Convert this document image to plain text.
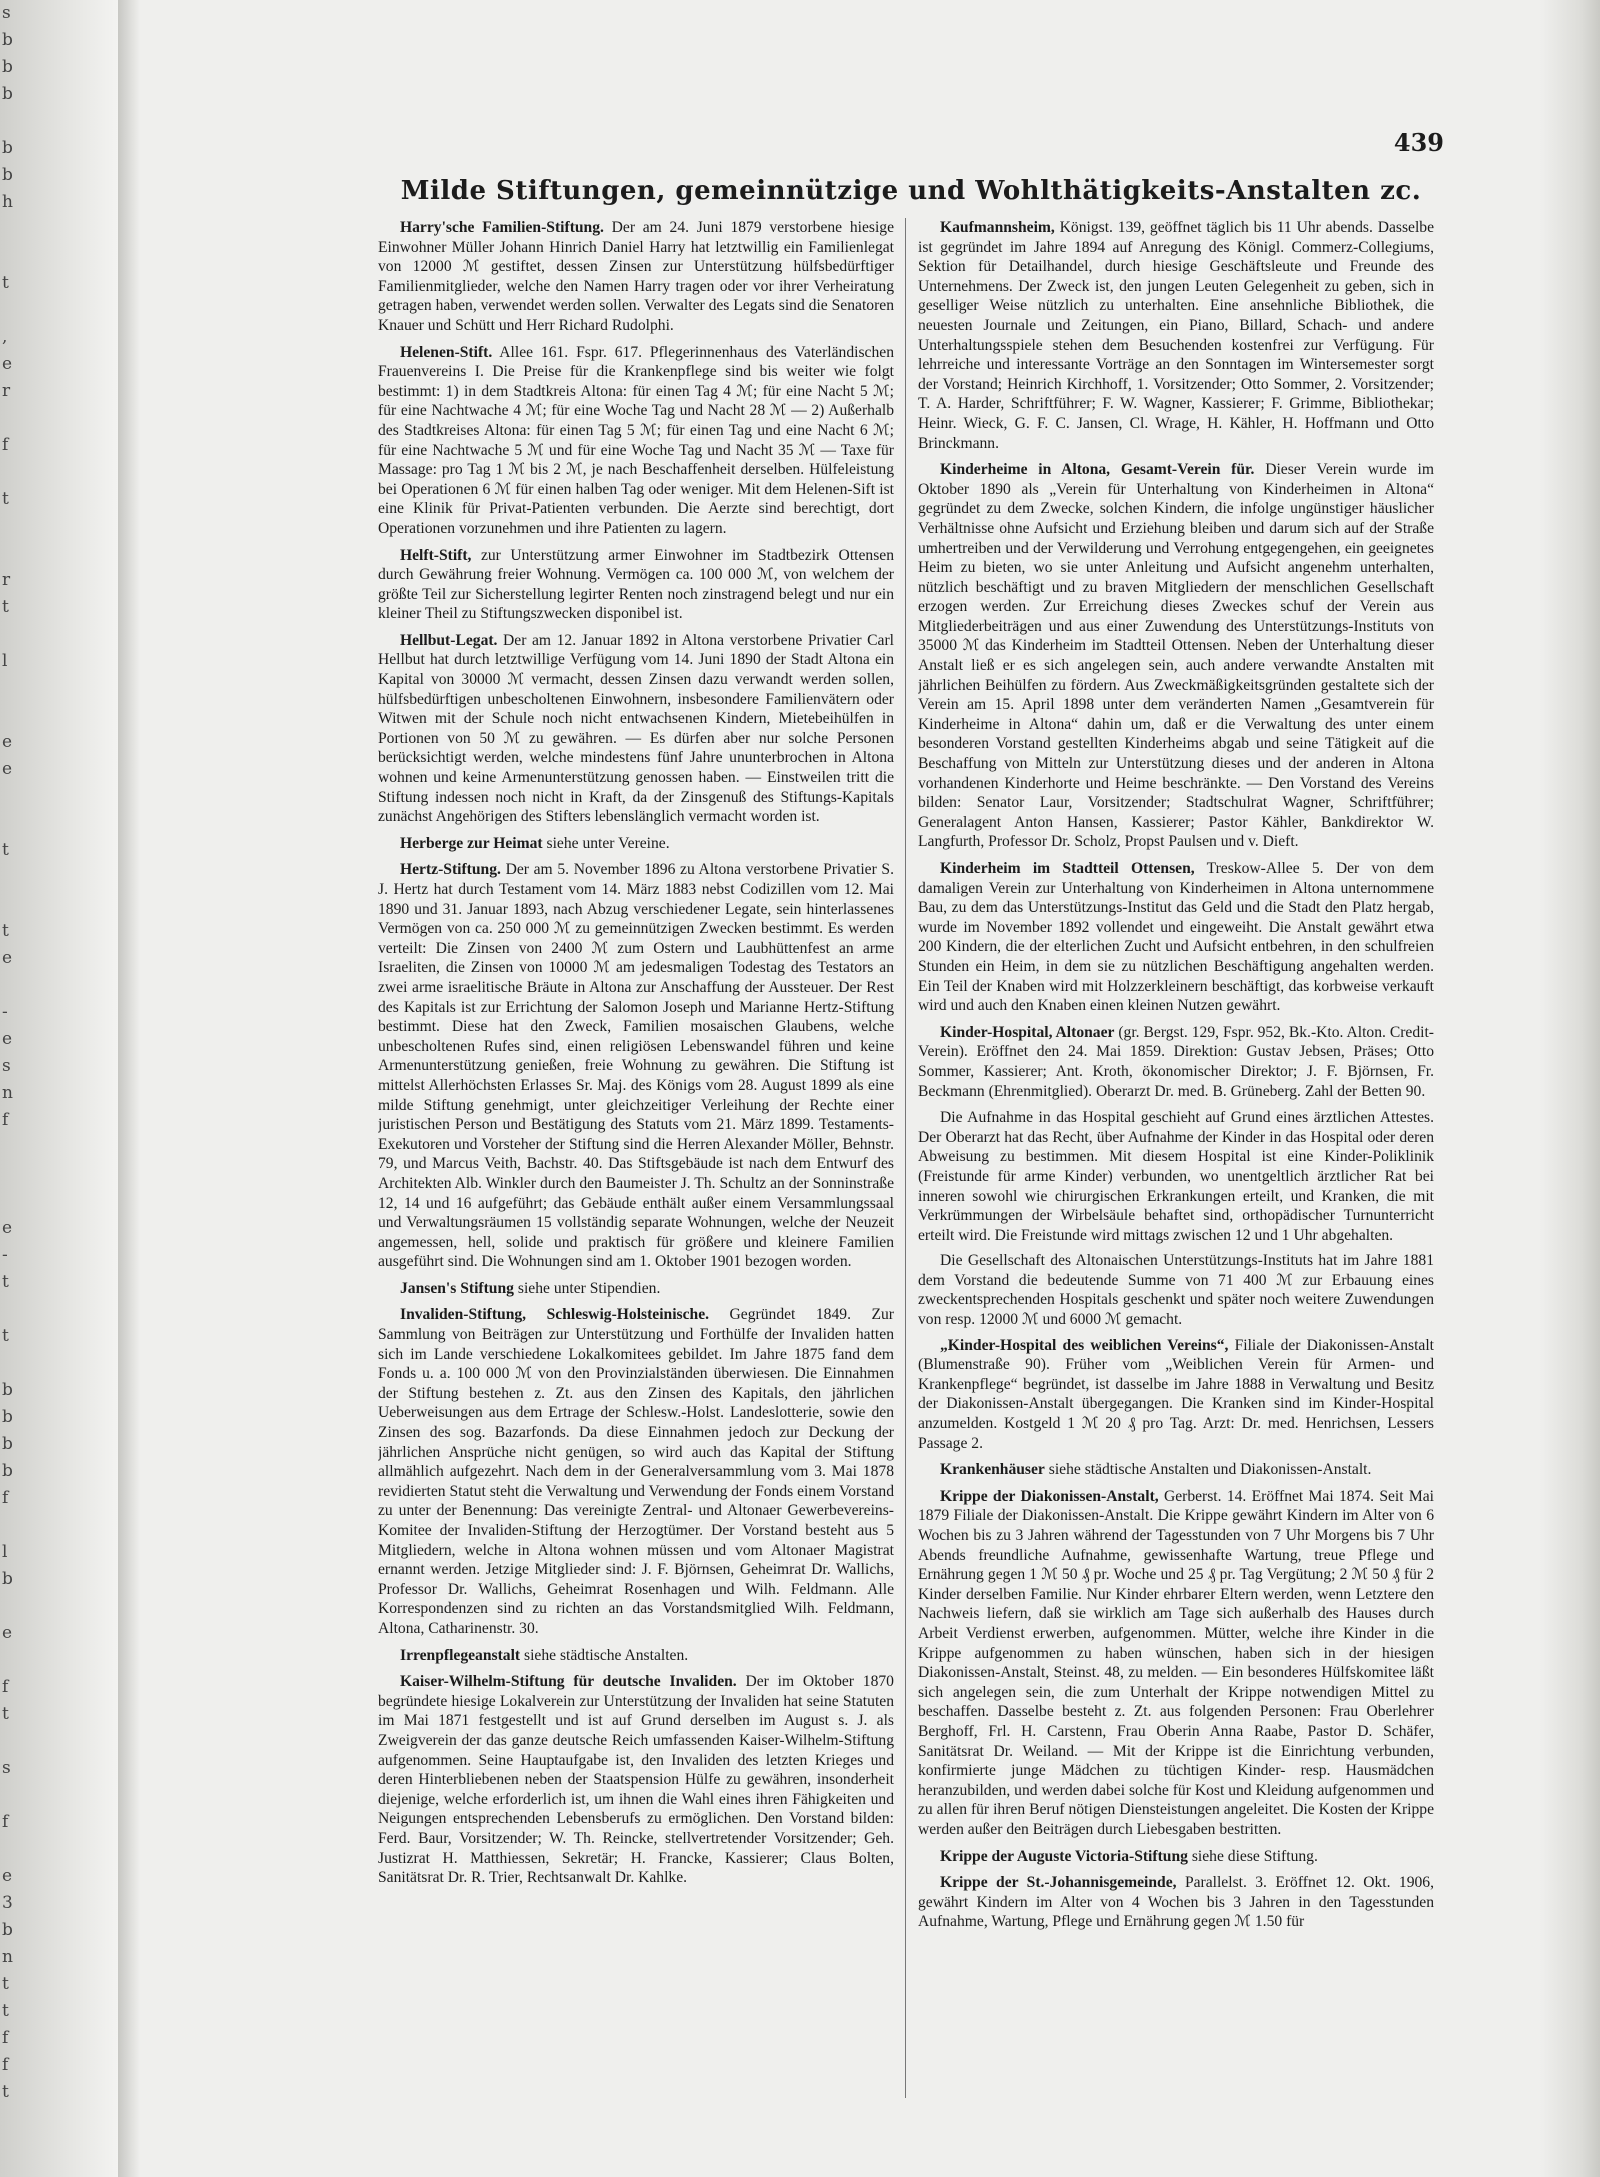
s
b
b
b

b
b
h

t

,
e
r

f

t

r
t

l

e
e

t

t
e

-
e
s
n
f

e
-
t

t

b
b
b
b
f

l
b

e

f
t

s

f

e
3
b
n
t
t
f
f
t
439
Milde Stiftungen, gemeinnützige und Wohlthätigkeits-Anstalten zc.

Harry'sche Familien-Stiftung. Der am 24. Juni 1879 verstorbene hiesige Einwohner Müller Johann Hinrich Daniel Harry hat letztwillig ein Familienlegat von 12000 ℳ gestiftet, dessen Zinsen zur Unterstützung hülfsbedürftiger Familienmitglieder, welche den Namen Harry tragen oder vor ihrer Verheiratung getragen haben, verwendet werden sollen. Verwalter des Legats sind die Senatoren Knauer und Schütt und Herr Richard Rudolphi.

Helenen-Stift. Allee 161. Fspr. 617. Pflegerinnenhaus des Vaterländischen Frauenvereins I. Die Preise für die Krankenpflege sind bis weiter wie folgt bestimmt: 1) in dem Stadtkreis Altona: für einen Tag 4 ℳ; für eine Nacht 5 ℳ; für eine Nachtwache 4 ℳ; für eine Woche Tag und Nacht 28 ℳ — 2) Außerhalb des Stadtkreises Altona: für einen Tag 5 ℳ; für einen Tag und eine Nacht 6 ℳ; für eine Nachtwache 5 ℳ und für eine Woche Tag und Nacht 35 ℳ — Taxe für Massage: pro Tag 1 ℳ bis 2 ℳ, je nach Beschaffenheit derselben. Hülfeleistung bei Operationen 6 ℳ für einen halben Tag oder weniger. Mit dem Helenen-Sift ist eine Klinik für Privat-Patienten verbunden. Die Aerzte sind berechtigt, dort Operationen vorzunehmen und ihre Patienten zu lagern.

Helft-Stift, zur Unterstützung armer Einwohner im Stadtbezirk Ottensen durch Gewährung freier Wohnung. Vermögen ca. 100 000 ℳ, von welchem der größte Teil zur Sicherstellung legirter Renten noch zinstragend belegt und nur ein kleiner Theil zu Stiftungszwecken disponibel ist.

Hellbut-Legat. Der am 12. Januar 1892 in Altona verstorbene Privatier Carl Hellbut hat durch letztwillige Verfügung vom 14. Juni 1890 der Stadt Altona ein Kapital von 30000 ℳ vermacht, dessen Zinsen dazu verwandt werden sollen, hülfsbedürftigen unbescholtenen Einwohnern, insbesondere Familienvätern oder Witwen mit der Schule noch nicht entwachsenen Kindern, Mietebeihülfen in Portionen von 50 ℳ zu gewähren. — Es dürfen aber nur solche Personen berücksichtigt werden, welche mindestens fünf Jahre ununterbrochen in Altona wohnen und keine Armenunterstützung genossen haben. — Einstweilen tritt die Stiftung indessen noch nicht in Kraft, da der Zinsgenuß des Stiftungs-Kapitals zunächst Angehörigen des Stifters lebenslänglich vermacht worden ist.

Herberge zur Heimat siehe unter Vereine.

Hertz-Stiftung. Der am 5. November 1896 zu Altona verstorbene Privatier S. J. Hertz hat durch Testament vom 14. März 1883 nebst Codizillen vom 12. Mai 1890 und 31. Januar 1893, nach Abzug verschiedener Legate, sein hinterlassenes Vermögen von ca. 250 000 ℳ zu gemeinnützigen Zwecken bestimmt. Es werden verteilt: Die Zinsen von 2400 ℳ zum Ostern und Laubhüttenfest an arme Israeliten, die Zinsen von 10000 ℳ am jedesmaligen Todestag des Testators an zwei arme israelitische Bräute in Altona zur Anschaffung der Aussteuer. Der Rest des Kapitals ist zur Errichtung der Salomon Joseph und Marianne Hertz-Stiftung bestimmt. Diese hat den Zweck, Familien mosaischen Glaubens, welche unbescholtenen Rufes sind, einen religiösen Lebenswandel führen und keine Armenunterstützung genießen, freie Wohnung zu gewähren. Die Stiftung ist mittelst Allerhöchsten Erlasses Sr. Maj. des Königs vom 28. August 1899 als eine milde Stiftung genehmigt, unter gleichzeitiger Verleihung der Rechte einer juristischen Person und Bestätigung des Statuts vom 21. März 1899. Testaments-Exekutoren und Vorsteher der Stiftung sind die Herren Alexander Möller, Behnstr. 79, und Marcus Veith, Bachstr. 40. Das Stiftsgebäude ist nach dem Entwurf des Architekten Alb. Winkler durch den Baumeister J. Th. Schultz an der Sonninstraße 12, 14 und 16 aufgeführt; das Gebäude enthält außer einem Versammlungssaal und Verwaltungsräumen 15 vollständig separate Wohnungen, welche der Neuzeit angemessen, hell, solide und praktisch für größere und kleinere Familien ausgeführt sind. Die Wohnungen sind am 1. Oktober 1901 bezogen worden.

Jansen's Stiftung siehe unter Stipendien.

Invaliden-Stiftung, Schleswig-Holsteinische. Gegründet 1849. Zur Sammlung von Beiträgen zur Unterstützung und Forthülfe der Invaliden hatten sich im Lande verschiedene Lokalkomitees gebildet. Im Jahre 1875 fand dem Fonds u. a. 100 000 ℳ von den Provinzialständen überwiesen. Die Einnahmen der Stiftung bestehen z. Zt. aus den Zinsen des Kapitals, den jährlichen Ueberweisungen aus dem Ertrage der Schlesw.-Holst. Landeslotterie, sowie den Zinsen des sog. Bazarfonds. Da diese Einnahmen jedoch zur Deckung der jährlichen Ansprüche nicht genügen, so wird auch das Kapital der Stiftung allmählich aufgezehrt. Nach dem in der Generalversammlung vom 3. Mai 1878 revidierten Statut steht die Verwaltung und Verwendung der Fonds einem Vorstand zu unter der Benennung: Das vereinigte Zentral- und Altonaer Gewerbevereins-Komitee der Invaliden-Stiftung der Herzogtümer. Der Vorstand besteht aus 5 Mitgliedern, welche in Altona wohnen müssen und vom Altonaer Magistrat ernannt werden. Jetzige Mitglieder sind: J. F. Björnsen, Geheimrat Dr. Wallichs, Professor Dr. Wallichs, Geheimrat Rosenhagen und Wilh. Feldmann. Alle Korrespondenzen sind zu richten an das Vorstandsmitglied Wilh. Feldmann, Altona, Catharinenstr. 30.

Irrenpflegeanstalt siehe städtische Anstalten.

Kaiser-Wilhelm-Stiftung für deutsche Invaliden. Der im Oktober 1870 begründete hiesige Lokalverein zur Unterstützung der Invaliden hat seine Statuten im Mai 1871 festgestellt und ist auf Grund derselben im August s. J. als Zweigverein der das ganze deutsche Reich umfassenden Kaiser-Wilhelm-Stiftung aufgenommen. Seine Hauptaufgabe ist, den Invaliden des letzten Krieges und deren Hinterbliebenen neben der Staatspension Hülfe zu gewähren, insonderheit diejenige, welche erforderlich ist, um ihnen die Wahl eines ihren Fähigkeiten und Neigungen entsprechenden Lebensberufs zu ermöglichen. Den Vorstand bilden: Ferd. Baur, Vorsitzender; W. Th. Reincke, stellvertretender Vorsitzender; Geh. Justizrat H. Matthiessen, Sekretär; H. Francke, Kassierer; Claus Bolten, Sanitätsrat Dr. R. Trier, Rechtsanwalt Dr. Kahlke.

Kaufmannsheim, Königst. 139, geöffnet täglich bis 11 Uhr abends. Dasselbe ist gegründet im Jahre 1894 auf Anregung des Königl. Commerz-Collegiums, Sektion für Detailhandel, durch hiesige Geschäftsleute und Freunde des Unternehmens. Der Zweck ist, den jungen Leuten Gelegenheit zu geben, sich in geselliger Weise nützlich zu unterhalten. Eine ansehnliche Bibliothek, die neuesten Journale und Zeitungen, ein Piano, Billard, Schach- und andere Unterhaltungsspiele stehen dem Besuchenden kostenfrei zur Verfügung. Für lehrreiche und interessante Vorträge an den Sonntagen im Wintersemester sorgt der Vorstand; Heinrich Kirchhoff, 1. Vorsitzender; Otto Sommer, 2. Vorsitzender; T. A. Harder, Schriftführer; F. W. Wagner, Kassierer; F. Grimme, Bibliothekar; Heinr. Wieck, G. F. C. Jansen, Cl. Wrage, H. Kähler, H. Hoffmann und Otto Brinckmann.

Kinderheime in Altona, Gesamt-Verein für. Dieser Verein wurde im Oktober 1890 als „Verein für Unterhaltung von Kinderheimen in Altona“ gegründet zu dem Zwecke, solchen Kindern, die infolge ungünstiger häuslicher Verhältnisse ohne Aufsicht und Erziehung bleiben und darum sich auf der Straße umhertreiben und der Verwilderung und Verrohung entgegengehen, ein geeignetes Heim zu bieten, wo sie unter Anleitung und Aufsicht angenehm unterhalten, nützlich beschäftigt und zu braven Mitgliedern der menschlichen Gesellschaft erzogen werden. Zur Erreichung dieses Zweckes schuf der Verein aus Mitgliederbeiträgen und aus einer Zuwendung des Unterstützungs-Instituts von 35000 ℳ das Kinderheim im Stadtteil Ottensen. Neben der Unterhaltung dieser Anstalt ließ er es sich angelegen sein, auch andere verwandte Anstalten mit jährlichen Beihülfen zu fördern. Aus Zweckmäßigkeitsgründen gestaltete sich der Verein am 15. April 1898 unter dem veränderten Namen „Gesamtverein für Kinderheime in Altona“ dahin um, daß er die Verwaltung des unter einem besonderen Vorstand gestellten Kinderheims abgab und seine Tätigkeit auf die Beschaffung von Mitteln zur Unterstützung dieses und der anderen in Altona vorhandenen Kinderhorte und Heime beschränkte. — Den Vorstand des Vereins bilden: Senator Laur, Vorsitzender; Stadtschulrat Wagner, Schriftführer; Generalagent Anton Hansen, Kassierer; Pastor Kähler, Bankdirektor W. Langfurth, Professor Dr. Scholz, Propst Paulsen und v. Dieft.

Kinderheim im Stadtteil Ottensen, Treskow-Allee 5. Der von dem damaligen Verein zur Unterhaltung von Kinderheimen in Altona unternommene Bau, zu dem das Unterstützungs-Institut das Geld und die Stadt den Platz hergab, wurde im November 1892 vollendet und eingeweiht. Die Anstalt gewährt etwa 200 Kindern, die der elterlichen Zucht und Aufsicht entbehren, in den schulfreien Stunden ein Heim, in dem sie zu nützlichen Beschäftigung angehalten werden. Ein Teil der Knaben wird mit Holzzerkleinern beschäftigt, das korbweise verkauft wird und auch den Knaben einen kleinen Nutzen gewährt.

Kinder-Hospital, Altonaer (gr. Bergst. 129, Fspr. 952, Bk.-Kto. Alton. Credit-Verein). Eröffnet den 24. Mai 1859. Direktion: Gustav Jebsen, Präses; Otto Sommer, Kassierer; Ant. Kroth, ökonomischer Direktor; J. F. Björnsen, Fr. Beckmann (Ehrenmitglied). Oberarzt Dr. med. B. Grüneberg. Zahl der Betten 90.

Die Aufnahme in das Hospital geschieht auf Grund eines ärztlichen Attestes. Der Oberarzt hat das Recht, über Aufnahme der Kinder in das Hospital oder deren Abweisung zu bestimmen. Mit diesem Hospital ist eine Kinder-Poliklinik (Freistunde für arme Kinder) verbunden, wo unentgeltlich ärztlicher Rat bei inneren sowohl wie chirurgischen Erkrankungen erteilt, und Kranken, die mit Verkrümmungen der Wirbelsäule behaftet sind, orthopädischer Turnunterricht erteilt wird. Die Freistunde wird mittags zwischen 12 und 1 Uhr abgehalten.

Die Gesellschaft des Altonaischen Unterstützungs-Instituts hat im Jahre 1881 dem Vorstand die bedeutende Summe von 71 400 ℳ zur Erbauung eines zweckentsprechenden Hospitals geschenkt und später noch weitere Zuwendungen von resp. 12000 ℳ und 6000 ℳ gemacht.

„Kinder-Hospital des weiblichen Vereins“, Filiale der Diakonissen-Anstalt (Blumenstraße 90). Früher vom „Weiblichen Verein für Armen- und Krankenpflege“ begründet, ist dasselbe im Jahre 1888 in Verwaltung und Besitz der Diakonissen-Anstalt übergegangen. Die Kranken sind im Kinder-Hospital anzumelden. Kostgeld 1 ℳ 20 ₰ pro Tag. Arzt: Dr. med. Henrichsen, Lessers Passage 2.

Krankenhäuser siehe städtische Anstalten und Diakonissen-Anstalt.

Krippe der Diakonissen-Anstalt, Gerberst. 14. Eröffnet Mai 1874. Seit Mai 1879 Filiale der Diakonissen-Anstalt. Die Krippe gewährt Kindern im Alter von 6 Wochen bis zu 3 Jahren während der Tagesstunden von 7 Uhr Morgens bis 7 Uhr Abends freundliche Aufnahme, gewissenhafte Wartung, treue Pflege und Ernährung gegen 1 ℳ 50 ₰ pr. Woche und 25 ₰ pr. Tag Vergütung; 2 ℳ 50 ₰ für 2 Kinder derselben Familie. Nur Kinder ehrbarer Eltern werden, wenn Letztere den Nachweis liefern, daß sie wirklich am Tage sich außerhalb des Hauses durch Arbeit Verdienst erwerben, aufgenommen. Mütter, welche ihre Kinder in die Krippe aufgenommen zu haben wünschen, haben sich in der hiesigen Diakonissen-Anstalt, Steinst. 48, zu melden. — Ein besonderes Hülfskomitee läßt sich angelegen sein, die zum Unterhalt der Krippe notwendigen Mittel zu beschaffen. Dasselbe besteht z. Zt. aus folgenden Personen: Frau Oberlehrer Berghoff, Frl. H. Carstenn, Frau Oberin Anna Raabe, Pastor D. Schäfer, Sanitätsrat Dr. Weiland. — Mit der Krippe ist die Einrichtung verbunden, konfirmierte junge Mädchen zu tüchtigen Kinder- resp. Hausmädchen heranzubilden, und werden dabei solche für Kost und Kleidung aufgenommen und zu allen für ihren Beruf nötigen Diensteistungen angeleitet. Die Kosten der Krippe werden außer den Beiträgen durch Liebesgaben bestritten.

Krippe der Auguste Victoria-Stiftung siehe diese Stiftung.

Krippe der St.-Johannisgemeinde, Parallelst. 3. Eröffnet 12. Okt. 1906, gewährt Kindern im Alter von 4 Wochen bis 3 Jahren in den Tagesstunden Aufnahme, Wartung, Pflege und Ernährung gegen ℳ 1.50 für
